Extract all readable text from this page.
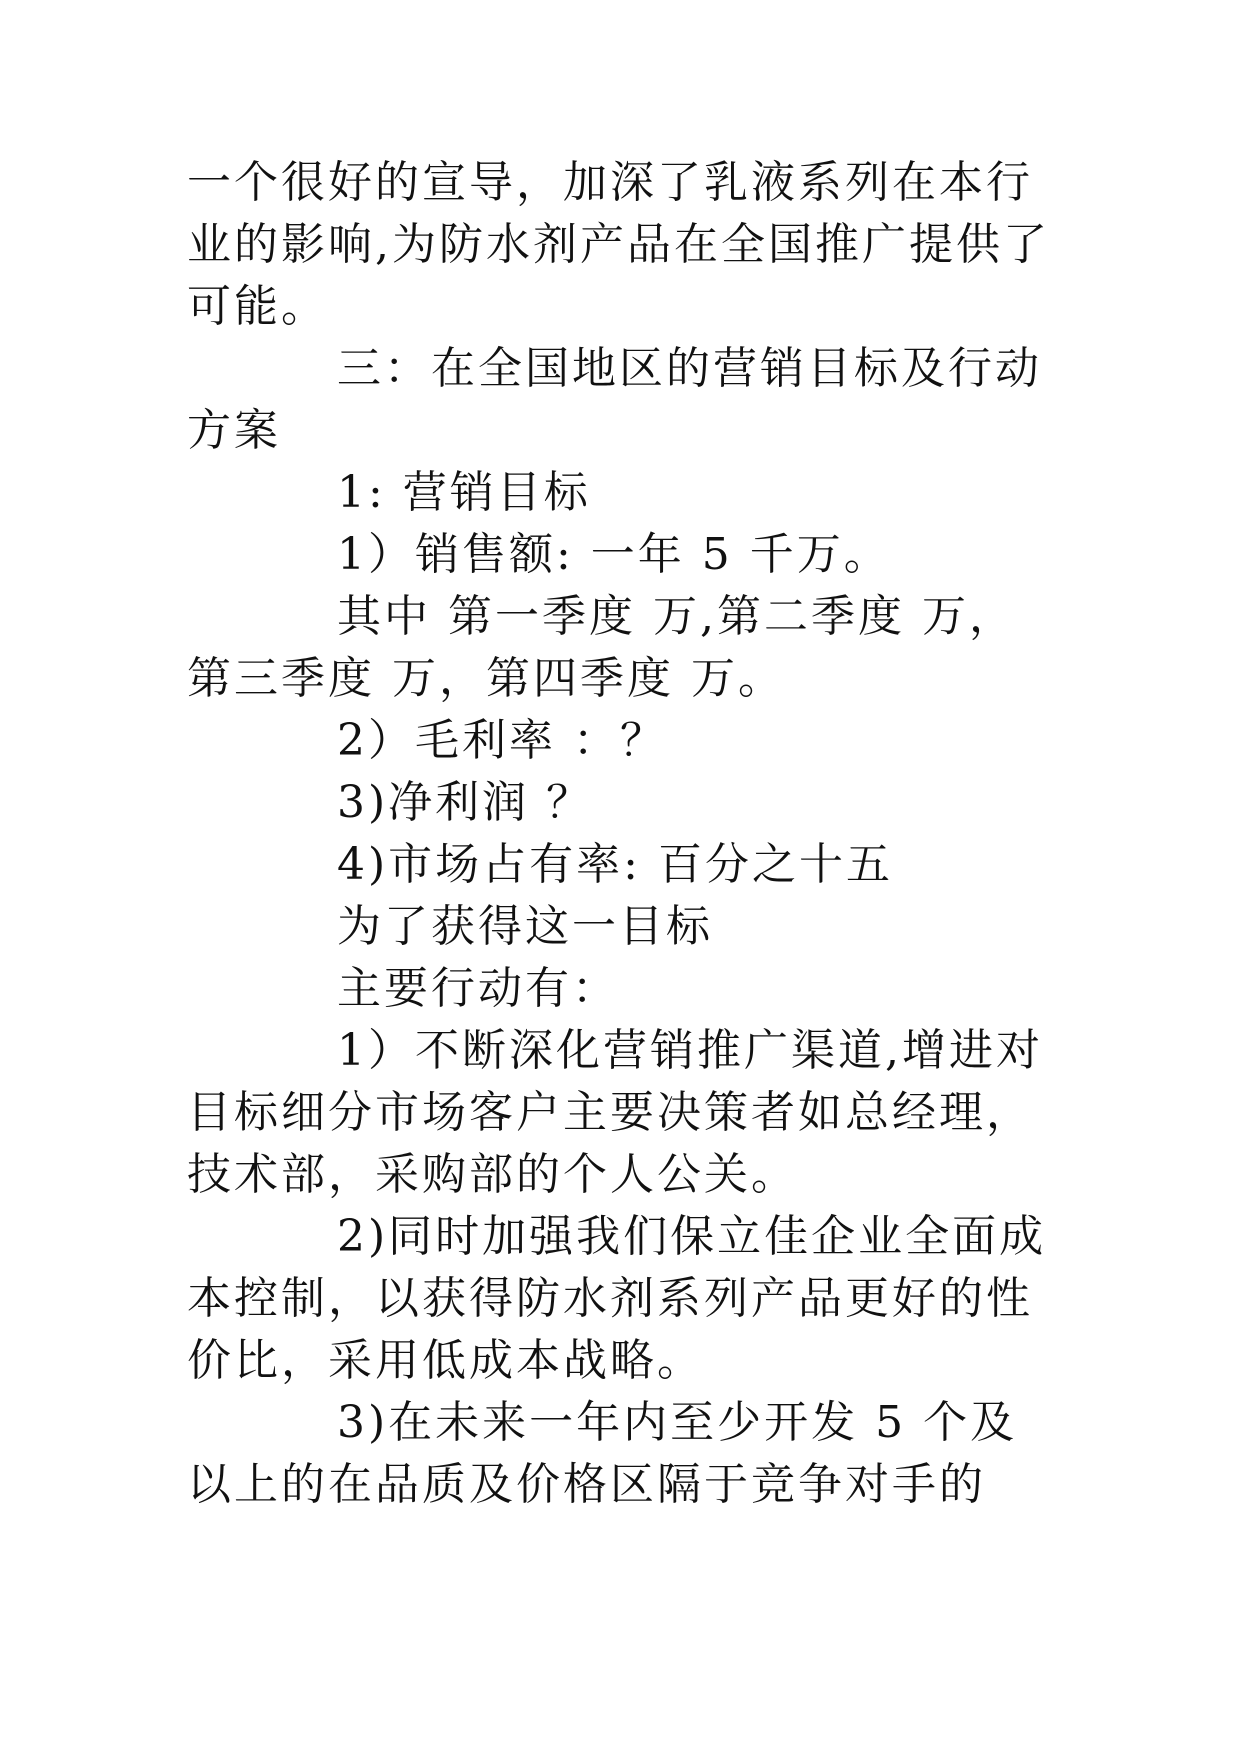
一个很好的宣导，加深了乳液系列在本行业的影响,为防水剂产品在全国推广提供了可能。

三：在全国地区的营销目标及行动方案

1: 营销目标

1）销售额: 一年 5 千万。

其中 第一季度 万,第二季度 万，第三季度 万，第四季度 万。

2）毛利率 ：？

3)净利润 ？

4)市场占有率: 百分之十五

为了获得这一目标

主要行动有：

1）不断深化营销推广渠道,增进对目标细分市场客户主要决策者如总经理，技术部，采购部的个人公关。

2)同时加强我们保立佳企业全面成本控制，以获得防水剂系列产品更好的性价比，采用低成本战略。

3)在未来一年内至少开发 5 个及以上的在品质及价格区隔于竞争对手的
